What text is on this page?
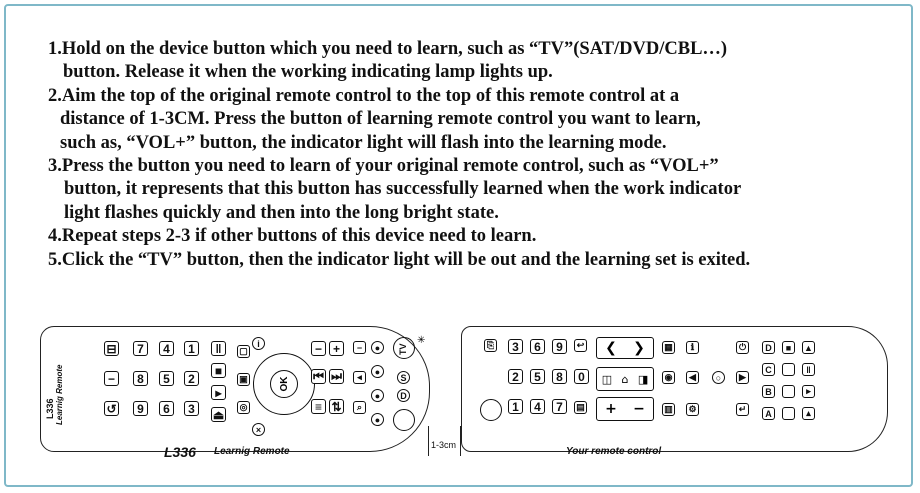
1.Hold on the device button which you need to learn, such as “TV”(SAT/DVD/CBL…)
button. Release it when the working indicating lamp lights up.
2.Aim the top of the original remote control to the top of this remote control at a
distance of 1-3CM. Press the button of learning remote control you want to learn,
such as, “VOL+” button, the indicator light will flash into the learning mode.
3.Press the button you need to learn of your original remote control, such as “VOL+”
button, it represents that this button has successfully learned when the work indicator
light flashes quickly and then into the long bright state.
4.Repeat steps 2-3 if other buttons of this device need to learn.
5.Click the “TV” button, then the indicator light will be out and the learning set is exited.
L336 Learnig Remote
⊟
−
↺
7
8
9
4
5
6
1
2
3
‖
■
▸
⏏
▢
▣
◎
OK
i
×
− +
⏮ ⏭
≡ ⇅
−
◂
⌕
●
●
●
●
TV
S
D
✳
1-3cm
⎘	3	6	9	↩
2	5	8	0
1	4	7	▤
❮ ❯
◫ ⌂ ◨
+ −
▦
◉
▥
ℹ
◀
⚙
○	▶
⏻
↵
D
C
B
A
■	▲
‖
▸
▴
L336 Learnig Remote	Your remote control
